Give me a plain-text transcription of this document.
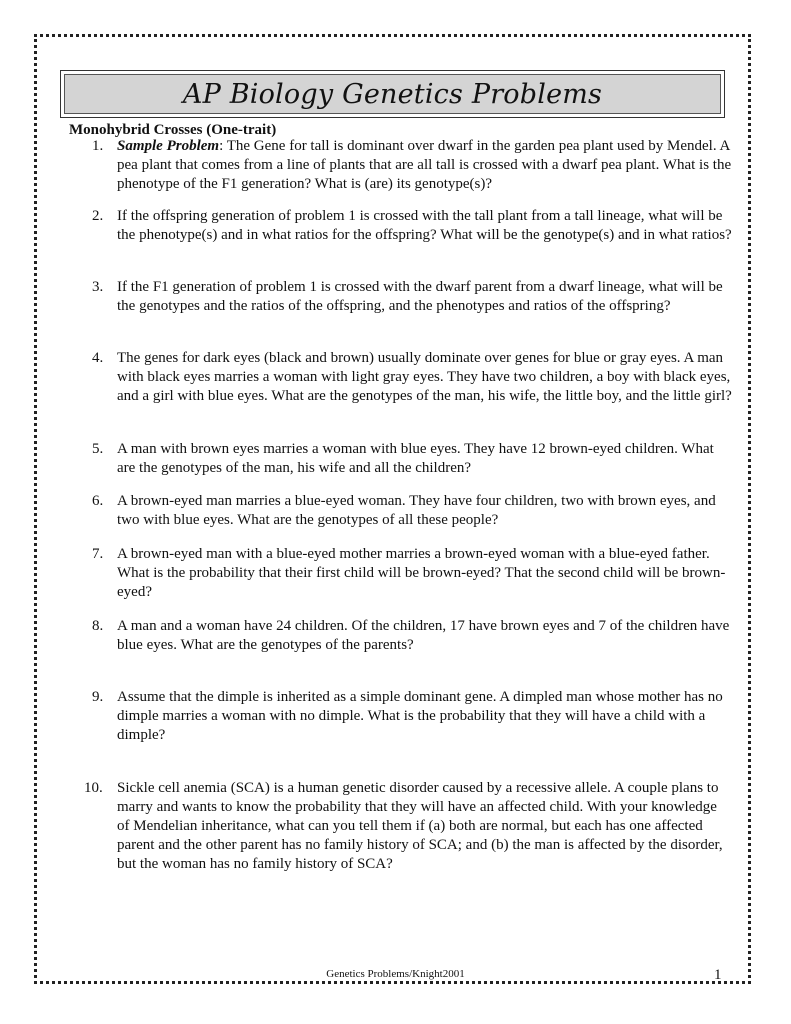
AP Biology Genetics Problems
Monohybrid Crosses (One-trait)
1. Sample Problem: The Gene for tall is dominant over dwarf in the garden pea plant used by Mendel. A pea plant that comes from a line of plants that are all tall is crossed with a dwarf pea plant. What is the phenotype of the F1 generation? What is (are) its genotype(s)?
2. If the offspring generation of problem 1 is crossed with the tall plant from a tall lineage, what will be the phenotype(s) and in what ratios for the offspring? What will be the genotype(s) and in what ratios?
3. If the F1 generation of problem 1 is crossed with the dwarf parent from a dwarf lineage, what will be the genotypes and the ratios of the offspring, and the phenotypes and ratios of the offspring?
4. The genes for dark eyes (black and brown) usually dominate over genes for blue or gray eyes. A man with black eyes marries a woman with light gray eyes. They have two children, a boy with black eyes, and a girl with blue eyes. What are the genotypes of the man, his wife, the little boy, and the little girl?
5. A man with brown eyes marries a woman with blue eyes. They have 12 brown-eyed children. What are the genotypes of the man, his wife and all the children?
6. A brown-eyed man marries a blue-eyed woman. They have four children, two with brown eyes, and two with blue eyes. What are the genotypes of all these people?
7. A brown-eyed man with a blue-eyed mother marries a brown-eyed woman with a blue-eyed father. What is the probability that their first child will be brown-eyed? That the second child will be brown-eyed?
8. A man and a woman have 24 children. Of the children, 17 have brown eyes and 7 of the children have blue eyes. What are the genotypes of the parents?
9. Assume that the dimple is inherited as a simple dominant gene. A dimpled man whose mother has no dimple marries a woman with no dimple. What is the probability that they will have a child with a dimple?
10. Sickle cell anemia (SCA) is a human genetic disorder caused by a recessive allele. A couple plans to marry and wants to know the probability that they will have an affected child. With your knowledge of Mendelian inheritance, what can you tell them if (a) both are normal, but each has one affected parent and the other parent has no family history of SCA; and (b) the man is affected by the disorder, but the woman has no family history of SCA?
Genetics Problems/Knight2001	1
